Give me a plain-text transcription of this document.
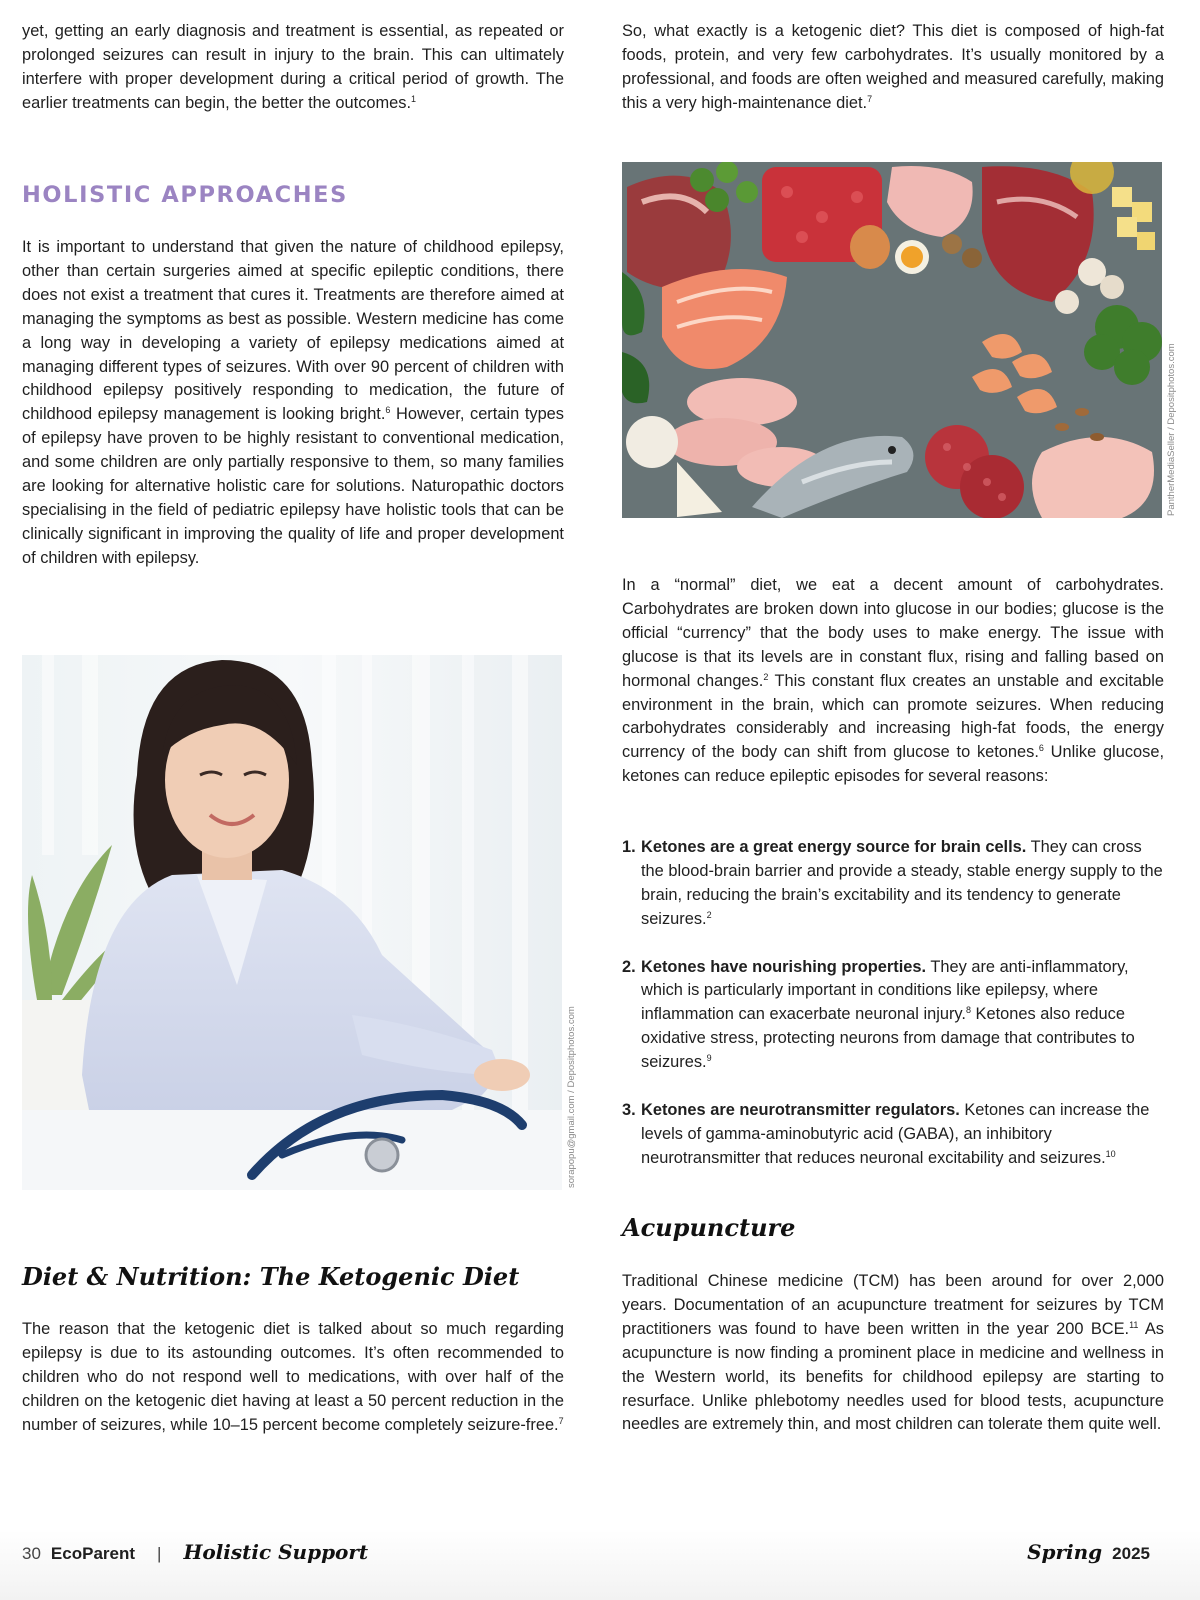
yet, getting an early diagnosis and treatment is essential, as repeated or prolonged seizures can result in injury to the brain. This can ultimately interfere with proper development during a critical period of growth. The earlier treatments can begin, the better the outcomes.$^1$

HOLISTIC APPROACHES

It is important to understand that given the nature of childhood epilepsy, other than certain surgeries aimed at specific epileptic conditions, there does not exist a treatment that cures it. Treatments are therefore aimed at managing the symptoms as best as possible. Western medicine has come a long way in developing a variety of epilepsy medications aimed at managing different types of seizures. With over 90 percent of children with childhood epilepsy positively responding to medication, the future of childhood epilepsy management is looking bright.$^6$ However, certain types of epilepsy have proven to be highly resistant to conventional medication, and some children are only partially responsive to them, so many families are looking for alternative holistic care for solutions. Naturopathic doctors specialising in the field of pediatric epilepsy have holistic tools that can be clinically significant in improving the quality of life and proper development of children with epilepsy.

sorapopu@gmail.com / Depositphotos.com
Diet & Nutrition: The Ketogenic Diet

The reason that the ketogenic diet is talked about so much regarding epilepsy is due to its astounding outcomes. It’s often recommended to children who do not respond well to medications, with over half of the children on the ketogenic diet having at least a 50 percent reduction in the number of seizures, while 10–15 percent become completely seizure-free.$^7$

So, what exactly is a ketogenic diet? This diet is composed of high-fat foods, protein, and very few carbohydrates. It’s usually monitored by a professional, and foods are often weighed and measured carefully, making this a very high-maintenance diet.$^7$

PantherMediaSeller / Depositphotos.com

In a “normal” diet, we eat a decent amount of carbohydrates. Carbohydrates are broken down into glucose in our bodies; glucose is the official “currency” that the body uses to make energy. The issue with glucose is that its levels are in constant flux, rising and falling based on hormonal changes.$^2$ This constant flux creates an unstable and excitable environment in the brain, which can promote seizures. When reducing carbohydrates considerably and increasing high-fat foods, the energy currency of the body can shift from glucose to ketones.$^6$ Unlike glucose, ketones can reduce epileptic episodes for several reasons:

1. Ketones are a great energy source for brain cells. They can cross the blood-brain barrier and provide a steady, stable energy supply to the brain, reducing the brain’s excitability and its tendency to generate seizures.$^2$
2. Ketones have nourishing properties. They are anti-inflammatory, which is particularly important in conditions like epilepsy, where inflammation can exacerbate neuronal injury.$^8$ Ketones also reduce oxidative stress, protecting neurons from damage that contributes to seizures.$^9$
3. Ketones are neurotransmitter regulators. Ketones can increase the levels of gamma-aminobutyric acid (GABA), an inhibitory neurotransmitter that reduces neuronal excitability and seizures.$^{10}$
Acupuncture

Traditional Chinese medicine (TCM) has been around for over 2,000 years. Documentation of an acupuncture treatment for seizures by TCM practitioners was found to have been written in the year 200 BCE.$^{11}$ As acupuncture is now finding a prominent place in medicine and wellness in the Western world, its benefits for childhood epilepsy are starting to resurface. Unlike phlebotomy needles used for blood tests, acupuncture needles are extremely thin, and most children can tolerate them quite well.

30 EcoParent | Holistic Support	Spring 2025
